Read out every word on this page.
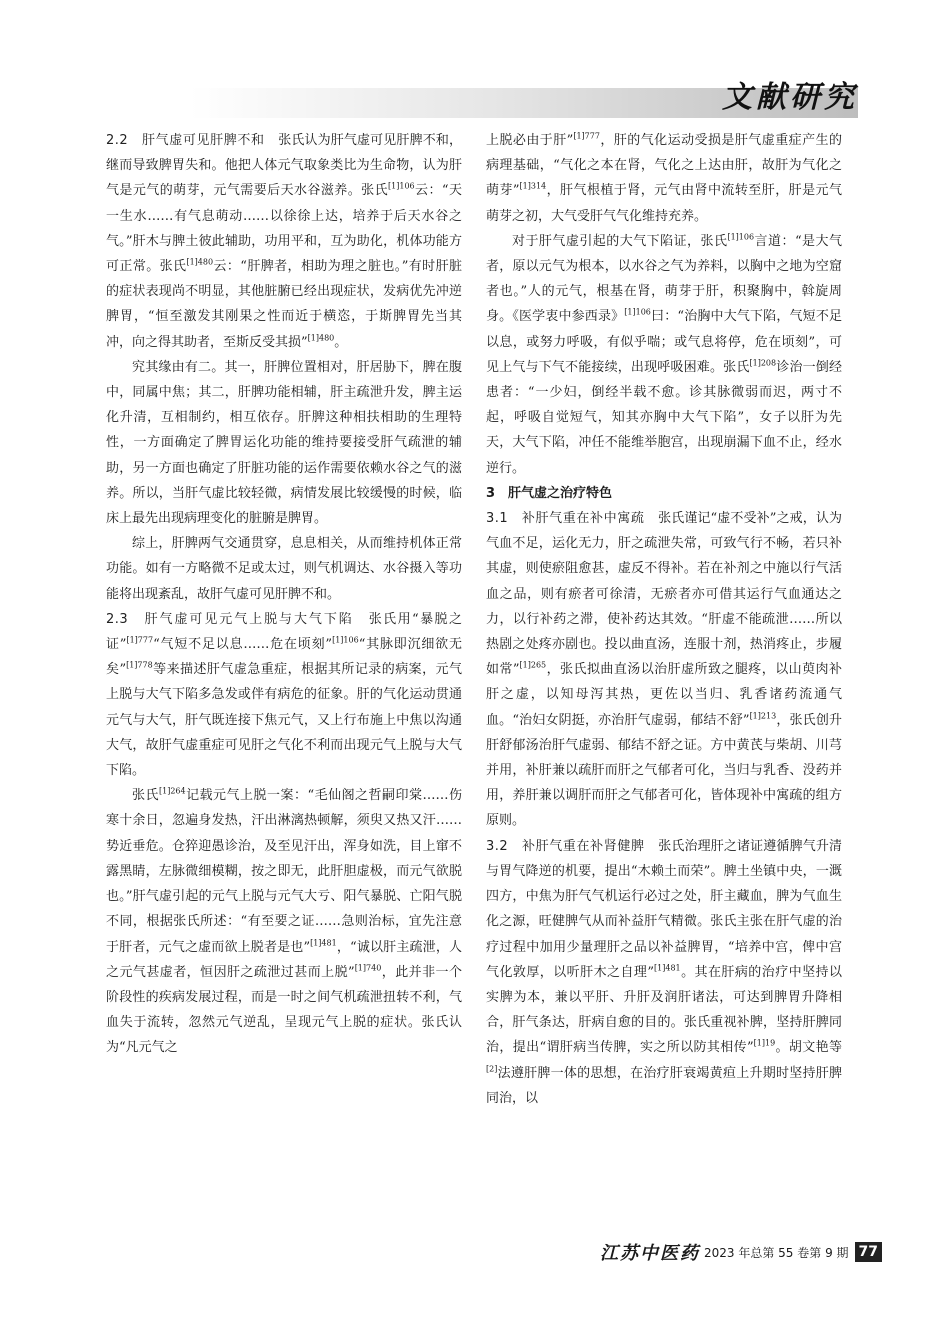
文献研究

2.2　 肝气虚可见肝脾不和　 张氏认为肝气虚可见肝脾不和，继而导致脾胃失和。他把人体元气取象类比为生命物，认为肝气是元气的萌芽，元气需要后天水谷滋养。张氏$^{[1]106}$云：“天一生水……有气息萌动……以徐徐上达，培养于后天水谷之气。”肝木与脾土彼此辅助，功用平和，互为助化，机体功能方可正常。张氏$^{[1]480}$云：“肝脾者，相助为理之脏也。”有时肝脏的症状表现尚不明显，其他脏腑已经出现症状，发病优先冲逆脾胃，“恒至激发其刚果之性而近于横恣，于斯脾胃先当其冲，向之得其助者，至斯反受其损”$^{[1]480}$。

究其缘由有二。其一，肝脾位置相对，肝居胁下，脾在腹中，同属中焦；其二，肝脾功能相辅，肝主疏泄升发，脾主运化升清，互相制约，相互依存。肝脾这种相扶相助的生理特性，一方面确定了脾胃运化功能的维持要接受肝气疏泄的辅助，另一方面也确定了肝脏功能的运作需要依赖水谷之气的滋养。所以，当肝气虚比较轻微，病情发展比较缓慢的时候，临床上最先出现病理变化的脏腑是脾胃。

综上，肝脾两气交通贯穿，息息相关，从而维持机体正常功能。如有一方略微不足或太过，则气机调达、水谷摄入等功能将出现紊乱，故肝气虚可见肝脾不和。

2.3　 肝气虚可见元气上脱与大气下陷　 张氏用“暴脱之证”$^{[1]777}$“气短不足以息……危在顷刻”$^{[1]106}$“其脉即沉细欲无矣”$^{[1]778}$等来描述肝气虚急重症，根据其所记录的病案，元气上脱与大气下陷多急发或伴有病危的征象。肝的气化运动贯通元气与大气，肝气既连接下焦元气，又上行布施上中焦以沟通大气，故肝气虚重症可见肝之气化不利而出现元气上脱与大气下陷。

张氏$^{[1]264}$记载元气上脱一案：“毛仙阁之哲嗣印棠……伤寒十余日，忽遍身发热，汗出淋漓热顿解，须臾又热又汗……势近垂危。仓猝迎愚诊治，及至见汗出，浑身如洗，目上窜不露黑睛，左脉微细模糊，按之即无，此肝胆虚极，而元气欲脱也。”肝气虚引起的元气上脱与元气大亏、阳气暴脱、亡阳气脱不同，根据张氏所述：“有至要之证……急则治标，宜先注意于肝者，元气之虚而欲上脱者是也”$^{[1]481}$，“诚以肝主疏泄，人之元气甚虚者，恒因肝之疏泄过甚而上脱”$^{[1]740}$，此并非一个阶段性的疾病发展过程，而是一时之间气机疏泄扭转不利，气血失于流转，忽然元气逆乱，呈现元气上脱的症状。张氏认为“凡元气之

上脱必由于肝”$^{[1]777}$，肝的气化运动受损是肝气虚重症产生的病理基础，“气化之本在肾，气化之上达由肝，故肝为气化之萌芽”$^{[1]314}$，肝气根植于肾，元气由肾中流转至肝，肝是元气萌芽之初，大气受肝气气化维持充养。

对于肝气虚引起的大气下陷证，张氏$^{[1]106}$言道：“是大气者，原以元气为根本，以水谷之气为养料，以胸中之地为空窟者也。”人的元气，根基在肾，萌芽于肝，积聚胸中，斡旋周身。《医学衷中参西录》$^{[1]106}$曰：“治胸中大气下陷，气短不足以息，或努力呼吸，有似乎喘；或气息将停，危在顷刻”，可见上气与下气不能接续，出现呼吸困难。张氏$^{[1]208}$诊治一倒经患者：“一少妇，倒经半载不愈。诊其脉微弱而迟，两寸不起，呼吸自觉短气，知其亦胸中大气下陷”，女子以肝为先天，大气下陷，冲任不能维举胞宫，出现崩漏下血不止，经水逆行。

3　肝气虚之治疗特色

3.1　 补肝气重在补中寓疏　 张氏谨记“虚不受补”之戒，认为气血不足，运化无力，肝之疏泄失常，可致气行不畅，若只补其虚，则使瘀阻愈甚，虚反不得补。若在补剂之中施以行气活血之品，则有瘀者可徐清，无瘀者亦可借其运行气血通达之力，以行补药之滞，使补药达其效。“肝虚不能疏泄……所以热剧之处疼亦剧也。投以曲直汤，连服十剂，热消疼止，步履如常”$^{[1]265}$，张氏拟曲直汤以治肝虚所致之腿疼，以山萸肉补肝之虚，以知母泻其热，更佐以当归、乳香诸药流通气血。“治妇女阴挺，亦治肝气虚弱，郁结不舒”$^{[1]213}$，张氏创升肝舒郁汤治肝气虚弱、郁结不舒之证。方中黄芪与柴胡、川芎并用，补肝兼以疏肝而肝之气郁者可化，当归与乳香、没药并用，养肝兼以调肝而肝之气郁者可化，皆体现补中寓疏的组方原则。

3.2　 补肝气重在补肾健脾　 张氏治理肝之诸证遵循脾气升清与胃气降逆的机要，提出“木赖土而荣”。脾土坐镇中央，一溉四方，中焦为肝气气机运行必过之处，肝主藏血，脾为气血生化之源，旺健脾气从而补益肝气精微。张氏主张在肝气虚的治疗过程中加用少量理肝之品以补益脾胃，“培养中宫，俾中宫气化敦厚，以听肝木之自理”$^{[1]481}$。其在肝病的治疗中坚持以实脾为本，兼以平肝、升肝及润肝诸法，可达到脾胃升降相合，肝气条达，肝病自愈的目的。张氏重视补脾，坚持肝脾同治，提出“谓肝病当传脾，实之所以防其相传”$^{[1]19}$。胡文艳等[2]法遵肝脾一体的思想，在治疗肝衰竭黄疸上升期时坚持肝脾同治，以

江苏中医药 2023 年总第 55 卷第 9 期 77
